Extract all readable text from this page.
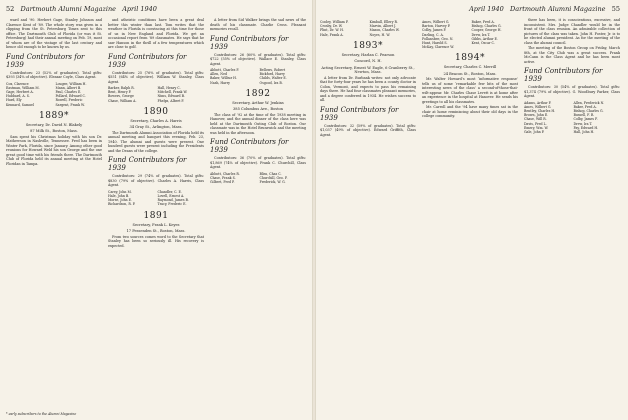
52 Dartmouth Alumni Magazine April 1940

ward and ’90. Herbert Gage, Stanley Johnson and Clarence Kent of ’89. The whole story was given in a clipping from the St. Petersburg Times sent to this office. The Dartmouth Club of Florida (or was it St. Petersburg) had their annual meeting on Feb. 19, most of whom are of the vintage of the last century and hence old enough to be known by us.

Fund Contributors for 1939

Contributors: 23 (52% of graduates). Total gifts: $393 (34% of objective). Eleazar Coyle, Class Agent.

Cox, Clarence	Lougee, William H.
Eastman, William M.	Mann, Albert B.
Gage, Herbert A.	Paul, Charles E.
Hubbard, A. S.	Pollard, Edward C.
Hurd, Ely	Rowell, Frederic
Kennard, Samuel	Sargent, Frank W.
1889*
Secretary, Dr. David N. Blakely
87 Milk St., Boston, Mass.

Sam spent his Christmas holiday with his son Dr. Mathewson in Nashville, Tennessee. Fred has been in Winter Park, Florida, since January. Among other good reunions for Howard Weld his son George and the one great good time with his friends there. The Dartmouth Club of Florida held its annual meeting at the Hotel Floridan in Tampa.

and atheistic conditions have been a great deal better this winter than last. Tom writes that the weather in Florida is convincing at this time for those of us in New England and Florida. We get an occasional report from ’89 classmates. He says that he saw Hanson in the thrill of a few temperatures which are close to golf.

Fund Contributors for 1939

Contributors: 25 (76% of graduates). Total gifts: $551 (64% of objective). William W. Stanley, Class Agent.

Barker, Ralph R.	Hall, Henry C.
Bent, Henry P.	Mitchell, Frank W.
Bowers, George	Nims, Edward B.
Chase, William A.	Phelps, Albert F.
1890
Secretary, Charles A. Harris
34 Gray St., Arlington, Mass.

The Dartmouth Alumni Association of Florida held its annual meeting and banquet this evening, Feb. 23, 1940. The alumni and guests were present. One hundred guests were present including the Presidents and the Deans of the college.

Fund Contributors for 1939

Contributors: 29 (74% of graduates). Total gifts: $830 (79% of objective). Charles A. Harris, Class Agent.

Carey, John M.	Chandler, C. E.
Hale, John B.	Lovell, Ernest A.
Morse, John E.	Raymond, James B.
Richardson, R. P.	Tracy, Frederic E.
1891
Secretary, Frank L. Keyes
17 Fessenden St., Boston, Mass.

From two sources comes word to the Secretary that Stanley has been so seriously ill. His recovery is expected.

A letter from Sid Walker brings the sad news of the death of his classmate. Charlie Cross. Pleasant memories recall.

Fund Contributors for 1939

Contributors: 26 (60% of graduates). Total gifts: $722 (55% of objective). Wallace E. Stanley, Class Agent.

Abbott, Charles F.	Bellows, Robert
Allen, Ned	Bickford, Harry
Baker, Wilbur H.	Childs, Walter E.
Nash, Harry	Osgood, Ira B.
1892
Secretary, Arthur W. Jenkins
385 Columbus Ave., Boston

The class of ’92 at the time of the 1938 meeting in Hanover, and the annual dinner of the class here was held at the Dartmouth Outing Club of Boston. Our classmate was in the Hotel Brunswick and the meeting was held in the afternoon.

Fund Contributors for 1939

Contributors: 36 (70% of graduates). Total gifts: $1,869 (74% of objective). Frank C. Churchill, Class Agent.

Abbott, Charles R.	Bliss, Chas C.
Chase, Frank S.	Churchill, Geo. F.
Gilbert, Fred P.	Frederick, W. G.
* early subscribers to the Alumni Magazine
April 1940 Dartmouth Alumni Magazine 55
Cooley, William F.	Kimball, Ellery R.
Crosby, Dr. W.	Marvin, Albert J.
Flint, Dr. W. H.	Mason, Charles W.
Hale, Frank A.	Noyes, H. W.
1893*
Secretary, Harlan C. Pearson
Concord, N. H.
Acting Secretary, Ernest W. Eagle, 6 Cranberry St., Newton, Mass.

A letter from Dr. Burbank writes: not only advocate that for forty-four years he has been a county doctor in Colon, Vermont, and expects to pass his remaining days there. He had four classmates pleasant memories, and a degree conferred in 1934. He wishes success to all.

Fund Contributors for 1939

Contributors: 32 (59% of graduates). Total gifts: $1,037 (49% of objective). Edward Griffith, Class Agent.

Ames, Wilbert G.	Baker, Fred A.
Barton, Harvey P.	Bishop, Charles G.
Colby, James F.	Cooper, George H.
Darling, C. A.	Drew, Ira T.
Follansbee, Geo. N.	Gibbs, Arthur E.
Hunt, Harold S.	Kent, Oscar C.
McKay, Clarence W.
1894*
Secretary, Charles C. Merrill
24 Beacon St., Boston, Mass.

Mr. Walter Howard’s most ‘informative response’ tells us of some ‘remarkable few bits of the most interesting news of the class’ a second-of-those-that-wilt-appear. Mr. Charles Chase Levett is at home after an experience in the hospital at Hanover. He sends his greetings to all his classmates.

Mr. Carroll and the ’94 have many times sat in the chair at home reminiscing about their old days in the college community.

there has been, it is conscientious, excessive, and inconsistent. Mrs. Judge Chandler would be in the front of the class reunion. An admirable collection of pictures of the class was taken. John H. Foster, Jr. is to be elected alumni president. As for the meeting of the class the alumni council.

The meeting of the Boston Group on Friday, March 8th, at the City Club was a great success. Frank McCann is the Class Agent and he has been most active.

Fund Contributors for 1939

Contributors: 30 (54% of graduates). Total gifts: $1,374 (79% of objective). G. Woodbury Parker, Class Agent.

Adams, Arthur F.	Allen, Frederick N.
Ames, Wilbert G.	Baker, Fred A.
Bentley, Charles H.	Bishop, Charles G.
Brown, John E.	Bussell, F. R.
Chase, Will R.	Colby, James F.
Davis, Fred L.	Drew, Ira T.
Emery, Wm. W.	Fay, Edward H.
Gale, John P.	Hall, John H.
